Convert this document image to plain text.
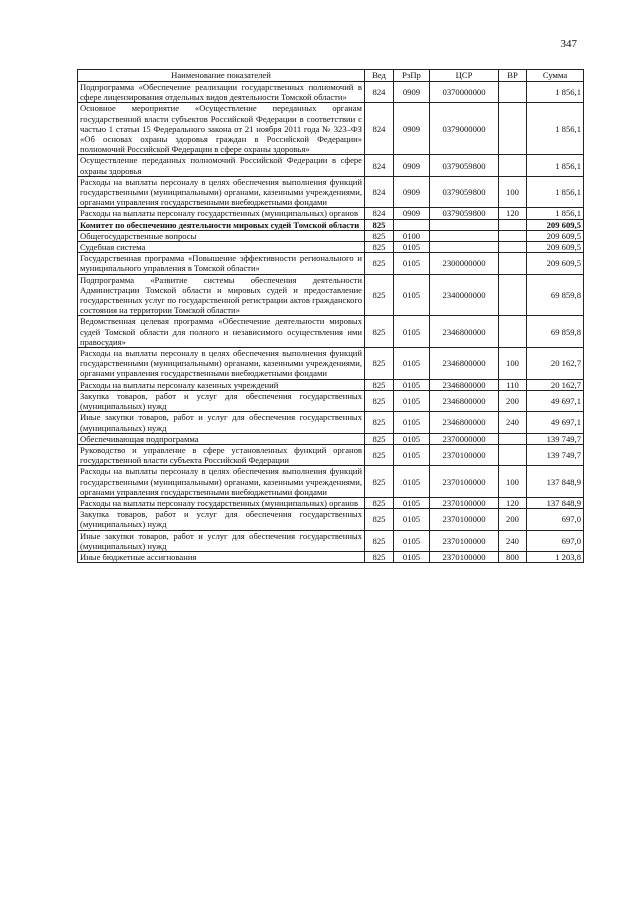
347
Наименование показателей	Вед	РзПр	ЦСР	ВР	Сумма
Подпрограмма «Обеспечение реализации государственных полномочий в сфере лицензирования отдельных видов деятельности Томской области»	824	0909	0370000000		1 856,1
Основное мероприятие «Осуществление переданных органам государственной власти субъектов Российской Федерации в соответствии с частью 1 статьи 15 Федерального закона от 21 ноября 2011 года № 323–ФЗ «Об основах охраны здоровья граждан в Российской Федерации» полномочий Российской Федерации в сфере охраны здоровья»	824	0909	0379000000		1 856,1
Осуществление переданных полномочий Российской Федерации в сфере охраны здоровья	824	0909	0379059800		1 856,1
Расходы на выплаты персоналу в целях обеспечения выполнения функций государственными (муниципальными) органами, казенными учреждениями, органами управления государственными внебюджетными фондами	824	0909	0379059800	100	1 856,1
Расходы на выплаты персоналу государственных (муниципальных) органов	824	0909	0379059800	120	1 856,1
Комитет по обеспечению деятельности мировых судей Томской области	825				209 609,5
Общегосударственные вопросы	825	0100			209 609,5
Судебная система	825	0105			209 609,5
Государственная программа «Повышение эффективности регионального и муниципального управления в Томской области»	825	0105	2300000000		209 609,5
Подпрограмма «Развитие системы обеспечения деятельности Администрации Томской области и мировых судей и предоставление государственных услуг по государственной регистрации актов гражданского состояния на территории Томской области»	825	0105	2340000000		69 859,8
Ведомственная целевая программа «Обеспечение деятельности мировых судей Томской области для полного и независимого осуществления ими правосудия»	825	0105	2346800000		69 859,8
Расходы на выплаты персоналу в целях обеспечения выполнения функций государственными (муниципальными) органами, казенными учреждениями, органами управления государственными внебюджетными фондами	825	0105	2346800000	100	20 162,7
Расходы на выплаты персоналу казенных учреждений	825	0105	2346800000	110	20 162,7
Закупка товаров, работ и услуг для обеспечения государственных (муниципальных) нужд	825	0105	2346800000	200	49 697,1
Иные закупки товаров, работ и услуг для обеспечения государственных (муниципальных) нужд	825	0105	2346800000	240	49 697,1
Обеспечивающая подпрограмма	825	0105	2370000000		139 749,7
Руководство и управление в сфере установленных функций органов государственной власти субъекта Российской Федерации	825	0105	2370100000		139 749,7
Расходы на выплаты персоналу в целях обеспечения выполнения функций государственными (муниципальными) органами, казенными учреждениями, органами управления государственными внебюджетными фондами	825	0105	2370100000	100	137 848,9
Расходы на выплаты персоналу государственных (муниципальных) органов	825	0105	2370100000	120	137 848,9
Закупка товаров, работ и услуг для обеспечения государственных (муниципальных) нужд	825	0105	2370100000	200	697,0
Иные закупки товаров, работ и услуг для обеспечения государственных (муниципальных) нужд	825	0105	2370100000	240	697,0
Иные бюджетные ассигнования	825	0105	2370100000	800	1 203,8
